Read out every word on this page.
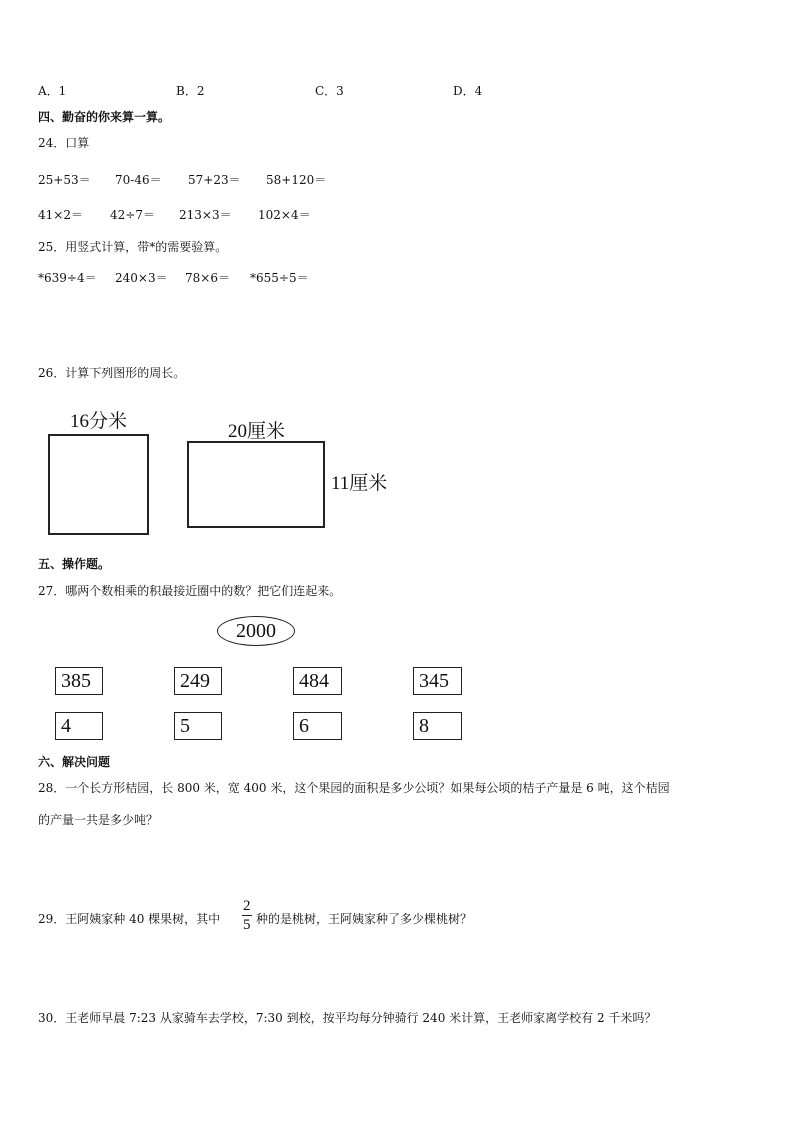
A．1	B．2	C．3	D．4
四、勤奋的你来算一算。
24．口算
25+53＝ 70-46＝ 57+23＝ 58+120＝
41×2＝ 42÷7＝ 213×3＝ 102×4＝
25．用竖式计算，带*的需要验算。
*639÷4＝ 240×3＝ 78×6＝ *655÷5＝
26．计算下列图形的周长。
16分米	20厘米
11厘米
五、操作题。
27．哪两个数相乘的积最接近圈中的数？把它们连起来。
2000
385	249	484	345
4	5	6	8
六、解决问题
28．一个长方形桔园，长 800 米，宽 400 米，这个果园的面积是多少公顷？如果每公顷的桔子产量是 6 吨，这个桔园
的产量一共是多少吨？
29．王阿姨家种 40 棵果树，其中 $\frac{2}{5}$ 种的是桃树，王阿姨家种了多少棵桃树？
30．王老师早晨 7:23 从家骑车去学校，7:30 到校，按平均每分钟骑行 240 米计算，王老师家离学校有 2 千米吗？
